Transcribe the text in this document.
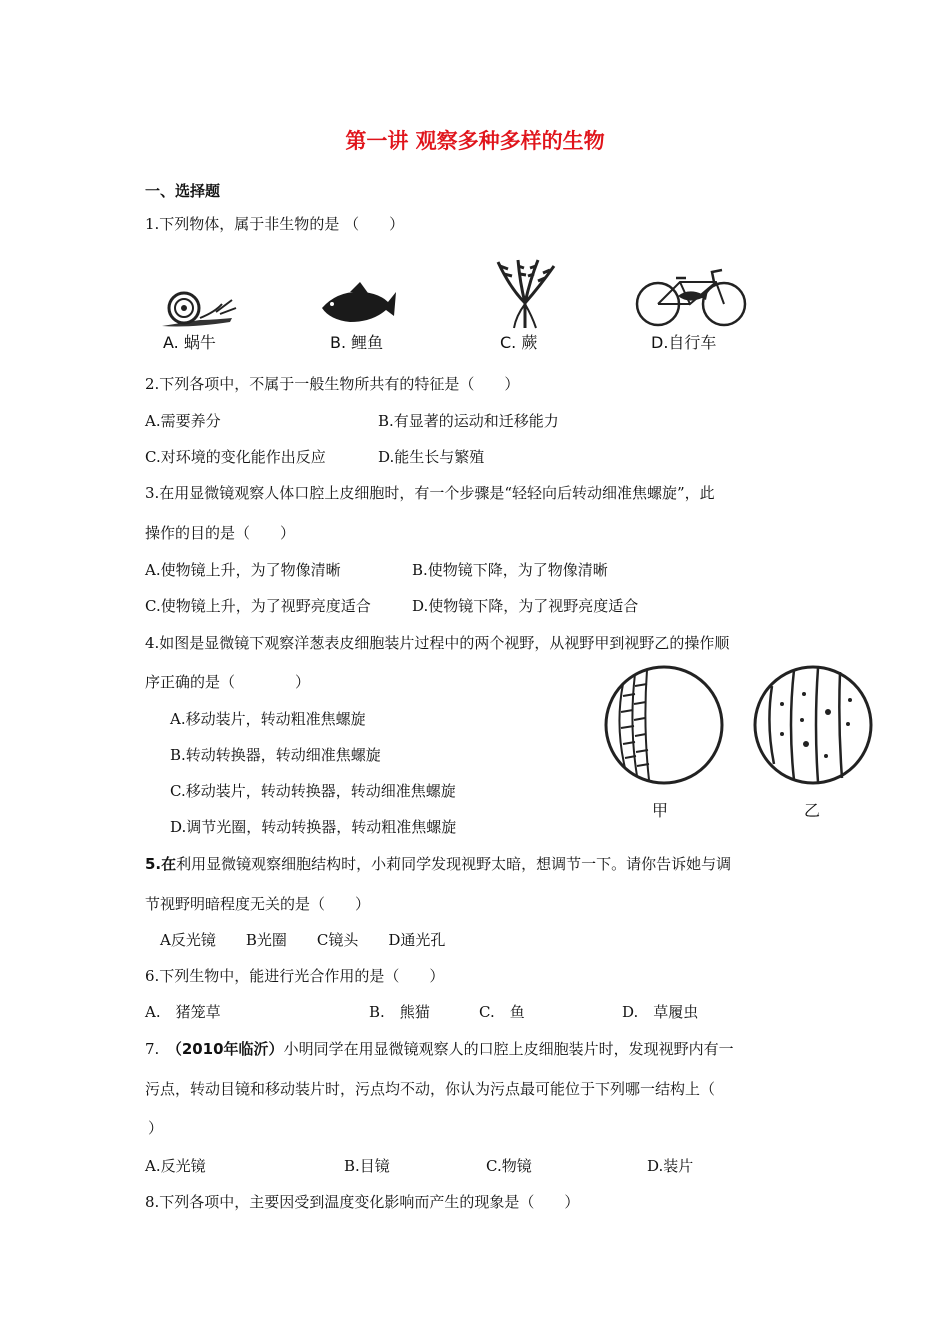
第一讲 观察多种多样的生物
一、选择题
1.下列物体，属于非生物的是 （　　）
A. 蜗牛	B. 鲤鱼	C. 蕨	D.自行车
2.下列各项中，不属于一般生物所共有的特征是（　　）
A.需要养分	B.有显著的运动和迁移能力
C.对环境的变化能作出反应	D.能生长与繁殖
3.在用显微镜观察人体口腔上皮细胞时，有一个步骤是“轻轻向后转动细准焦螺旋”，此
操作的目的是（　　）
A.使物镜上升，为了物像清晰	B.使物镜下降，为了物像清晰
C.使物镜上升，为了视野亮度适合	D.使物镜下降，为了视野亮度适合
4.如图是显微镜下观察洋葱表皮细胞装片过程中的两个视野，从视野甲到视野乙的操作顺
序正确的是（　　　　）
A.移动装片，转动粗准焦螺旋
B.转动转换器，转动细准焦螺旋
C.移动装片，转动转换器，转动细准焦螺旋
D.调节光圈，转动转换器，转动粗准焦螺旋
甲	乙
5.在利用显微镜观察细胞结构时，小莉同学发现视野太暗，想调节一下。请你告诉她与调
节视野明暗程度无关的是（　　）
A反光镜　　B光圈　　C镜头　　D通光孔
6.下列生物中，能进行光合作用的是（　　）
A.　猪笼草	B.　熊猫	C.　鱼	D.　草履虫
7.　（2010年临沂）小明同学在用显微镜观察人的口腔上皮细胞装片时，发现视野内有一
污点，转动目镜和移动装片时，污点均不动，你认为污点最可能位于下列哪一结构上（
）
A.反光镜	B.目镜	C.物镜	D.装片
8.下列各项中，主要因受到温度变化影响而产生的现象是（　　）
